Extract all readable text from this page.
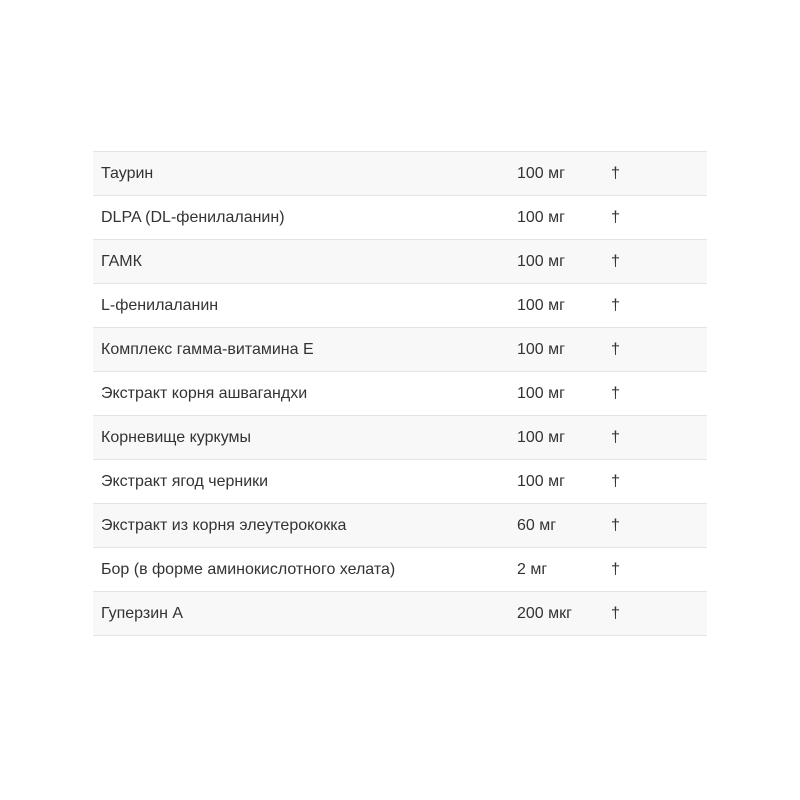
Таурин	100 мг	†
DLPA (DL-фенилаланин)	100 мг	†
ГАМК	100 мг	†
L-фенилаланин	100 мг	†
Комплекс гамма-витамина Е	100 мг	†
Экстракт корня ашвагандхи	100 мг	†
Корневище куркумы	100 мг	†
Экстракт ягод черники	100 мг	†
Экстракт из корня элеутерококка	60 мг	†
Бор (в форме аминокислотного хелата)	2 мг	†
Гуперзин А	200 мкг	†
